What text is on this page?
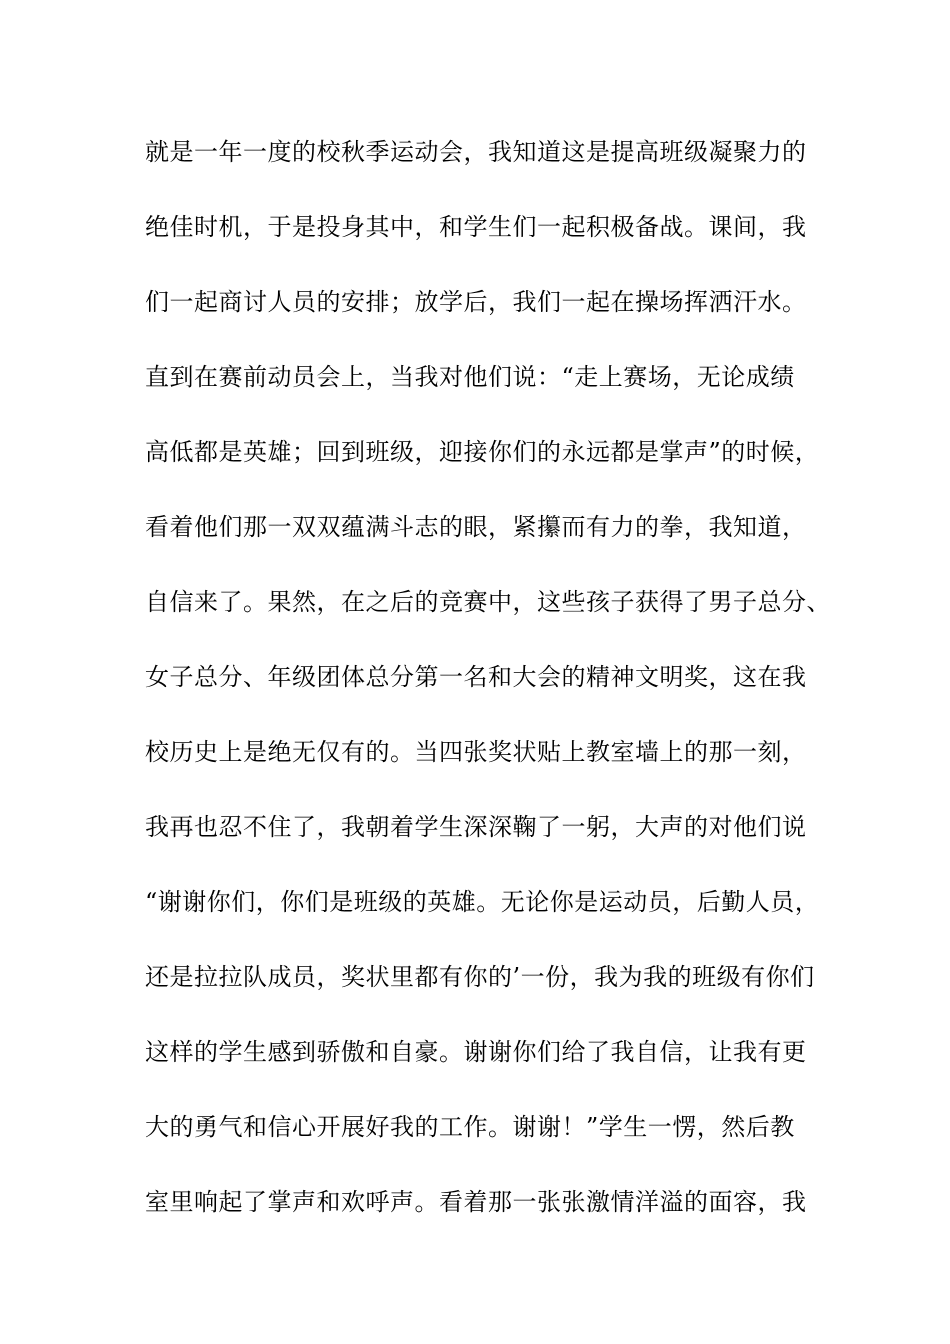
就是一年一度的校秋季运动会，我知道这是提高班级凝聚力的
绝佳时机，于是投身其中，和学生们一起积极备战。课间，我
们一起商讨人员的安排；放学后，我们一起在操场挥洒汗水。
直到在赛前动员会上，当我对他们说：“走上赛场，无论成绩
高低都是英雄；回到班级，迎接你们的永远都是掌声”的时候，
看着他们那一双双蕴满斗志的眼，紧攥而有力的拳，我知道，
自信来了。果然，在之后的竞赛中，这些孩子获得了男子总分、
女子总分、年级团体总分第一名和大会的精神文明奖，这在我
校历史上是绝无仅有的。当四张奖状贴上教室墙上的那一刻，
我再也忍不住了，我朝着学生深深鞠了一躬，大声的对他们说
“谢谢你们，你们是班级的英雄。无论你是运动员，后勤人员，
还是拉拉队成员，奖状里都有你的’一份，我为我的班级有你们
这样的学生感到骄傲和自豪。谢谢你们给了我自信，让我有更
大的勇气和信心开展好我的工作。谢谢！”学生一愣，然后教
室里响起了掌声和欢呼声。看着那一张张激情洋溢的面容，我
